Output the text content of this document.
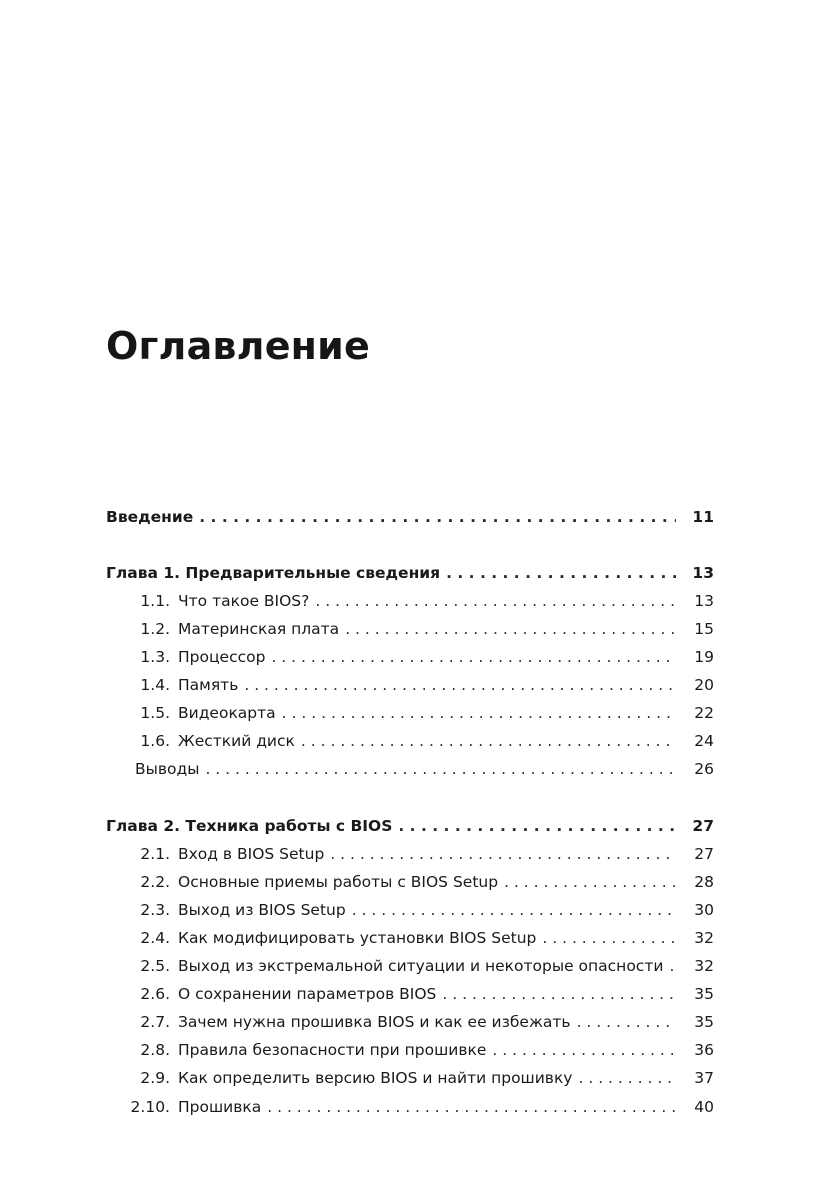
Оглавление
Введение . . .	11
Глава 1. Предварительные сведения . . .	13
1.1. Что такое BIOS? . . .	13
1.2. Материнская плата . . .	15
1.3. Процессор . . .	19
1.4. Память . . .	20
1.5. Видеокарта . . .	22
1.6. Жесткий диск . . .	24
Выводы . . .	26
Глава 2. Техника работы с BIOS . . .	27
2.1. Вход в BIOS Setup . . .	27
2.2. Основные приемы работы с BIOS Setup . . .	28
2.3. Выход из BIOS Setup . . .	30
2.4. Как модифицировать установки BIOS Setup . . .	32
2.5. Выход из экстремальной ситуации и некоторые опасности . . .	32
2.6. О сохранении параметров BIOS . . .	35
2.7. Зачем нужна прошивка BIOS и как ее избежать . . .	35
2.8. Правила безопасности при прошивке . . .	36
2.9. Как определить версию BIOS и найти прошивку . . .	37
2.10. Прошивка . . .	40
